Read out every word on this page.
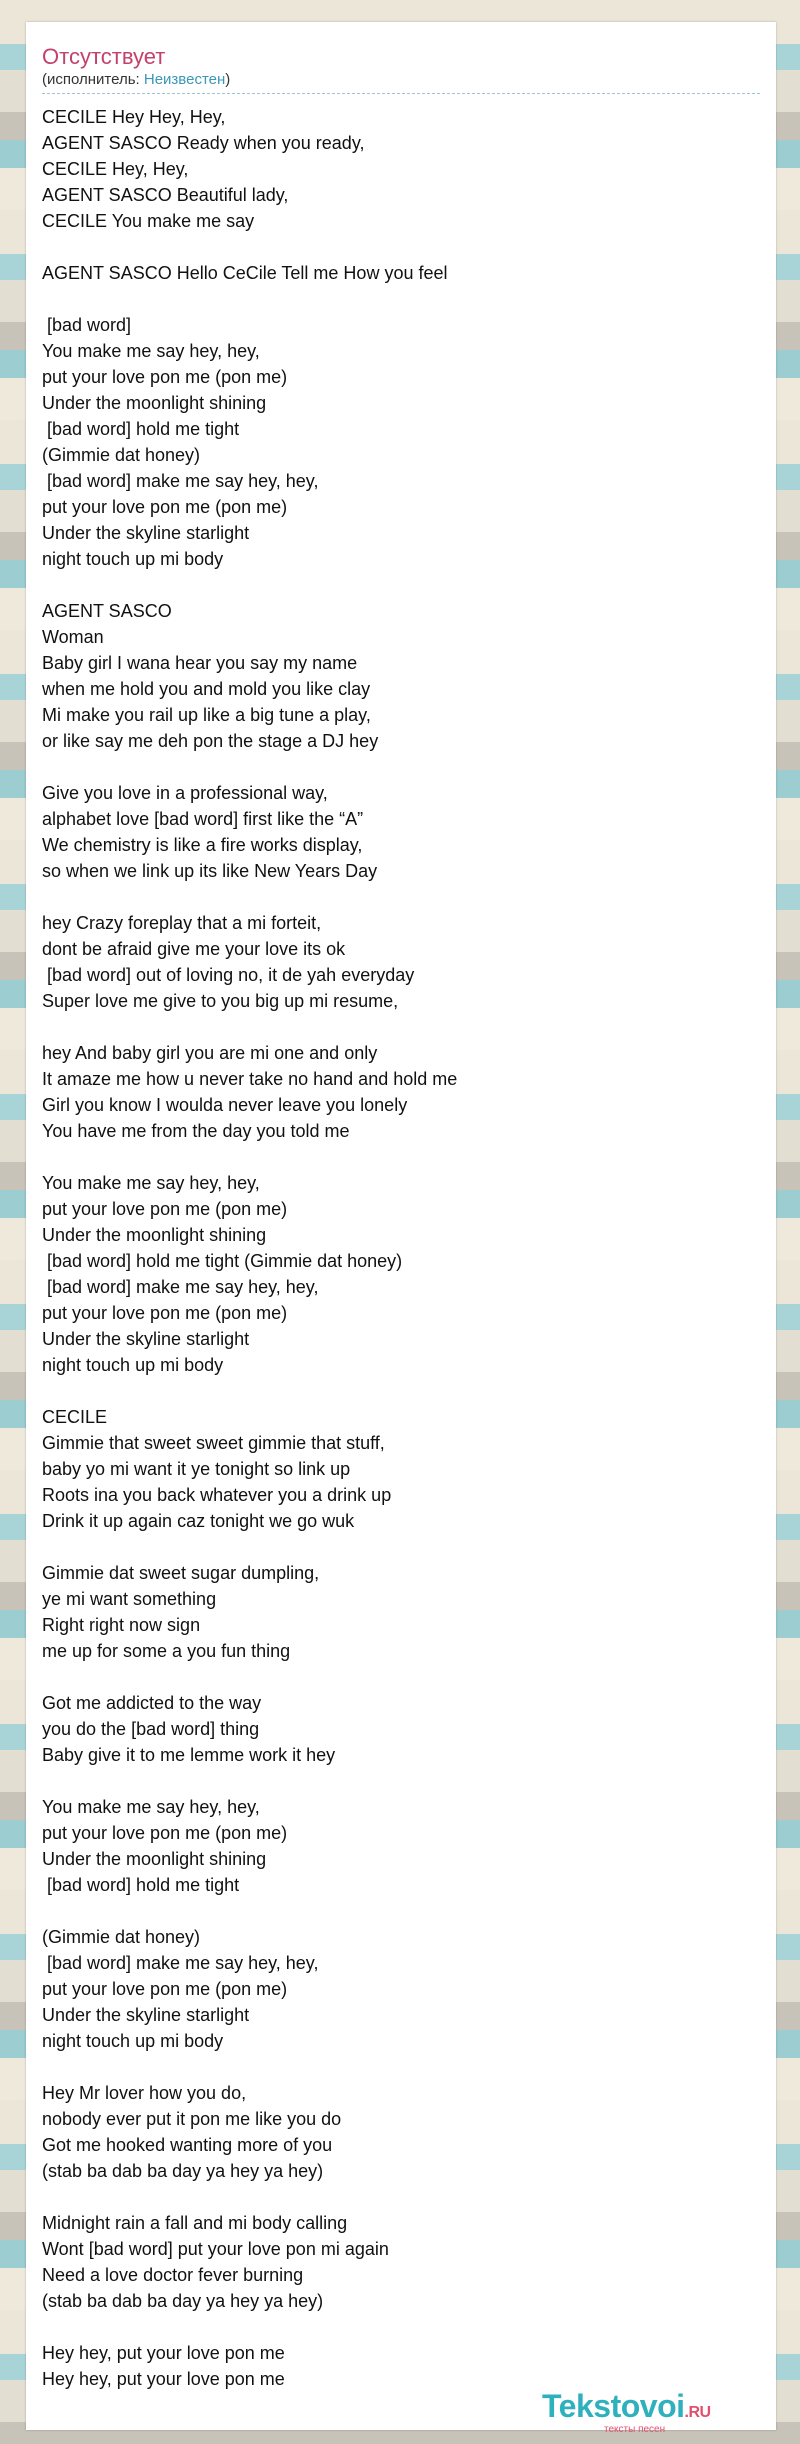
Отсутствует
(исполнитель: Неизвестен)
CECILE Hey Hey, Hey,
AGENT SASCO Ready when you ready,
CECILE Hey, Hey,
AGENT SASCO Beautiful lady,
CECILE You make me say

AGENT SASCO Hello CeCile Tell me How you feel

[bad word]
You make me say hey, hey,
put your love pon me (pon me)
Under the moonlight shining
[bad word] hold me tight
(Gimmie dat honey)
[bad word] make me say hey, hey,
put your love pon me (pon me)
Under the skyline starlight
night touch up mi body

AGENT SASCO
Woman
Baby girl I wana hear you say my name
when me hold you and mold you like clay
Mi make you rail up like a big tune a play,
or like say me deh pon the stage a DJ hey

Give you love in a professional way,
alphabet love [bad word] first like the “A”
We chemistry is like a fire works display,
so when we link up its like New Years Day

hey Crazy foreplay that a mi forteit,
dont be afraid give me your love its ok
[bad word] out of loving no, it de yah everyday
Super love me give to you big up mi resume,

hey And baby girl you are mi one and only
It amaze me how u never take no hand and hold me
Girl you know I woulda never leave you lonely
You have me from the day you told me

You make me say hey, hey,
put your love pon me (pon me)
Under the moonlight shining
[bad word] hold me tight (Gimmie dat honey)
[bad word] make me say hey, hey,
put your love pon me (pon me)
Under the skyline starlight
night touch up mi body

CECILE
Gimmie that sweet sweet gimmie that stuff,
baby yo mi want it ye tonight so link up
Roots ina you back whatever you a drink up
Drink it up again caz tonight we go wuk

Gimmie dat sweet sugar dumpling,
ye mi want something
Right right now sign
me up for some a you fun thing

Got me addicted to the way
you do the [bad word] thing
Baby give it to me lemme work it hey

You make me say hey, hey,
put your love pon me (pon me)
Under the moonlight shining
[bad word] hold me tight

(Gimmie dat honey)
[bad word] make me say hey, hey,
put your love pon me (pon me)
Under the skyline starlight
night touch up mi body

Hey Mr lover how you do,
nobody ever put it pon me like you do
Got me hooked wanting more of you
(stab ba dab ba day ya hey ya hey)

Midnight rain a fall and mi body calling
Wont [bad word] put your love pon mi again
Need a love doctor fever burning
(stab ba dab ba day ya hey ya hey)

Hey hey, put your love pon me
Hey hey, put your love pon me
Tekstovoi.RU
тексты песен
